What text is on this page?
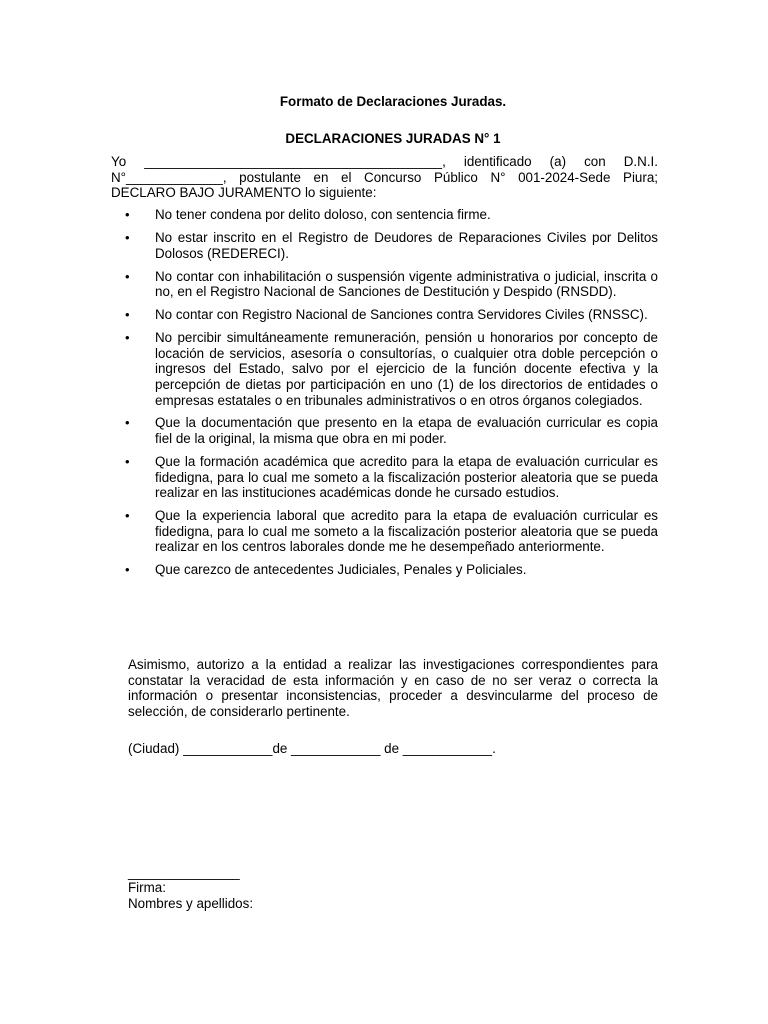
Formato de Declaraciones Juradas.
DECLARACIONES JURADAS N° 1
Yo ________________________________________, identificado (a) con D.N.I.
N°_____________, postulante en el Concurso Público N° 001-2024-Sede Piura;
DECLARO BAJO JURAMENTO lo siguiente:
• No tener condena por delito doloso, con sentencia firme.
• No estar inscrito en el Registro de Deudores de Reparaciones Civiles por Delitos Dolosos (REDERECI).
• No contar con inhabilitación o suspensión vigente administrativa o judicial, inscrita o no, en el Registro Nacional de Sanciones de Destitución y Despido (RNSDD).
• No contar con Registro Nacional de Sanciones contra Servidores Civiles (RNSSC).
• No percibir simultáneamente remuneración, pensión u honorarios por concepto de locación de servicios, asesoría o consultorías, o cualquier otra doble percepción o ingresos del Estado, salvo por el ejercicio de la función docente efectiva y la percepción de dietas por participación en uno (1) de los directorios de entidades o empresas estatales o en tribunales administrativos o en otros órganos colegiados.
• Que la documentación que presento en la etapa de evaluación curricular es copia fiel de la original, la misma que obra en mi poder.
• Que la formación académica que acredito para la etapa de evaluación curricular es fidedigna, para lo cual me someto a la fiscalización posterior aleatoria que se pueda realizar en las instituciones académicas donde he cursado estudios.
• Que la experiencia laboral que acredito para la etapa de evaluación curricular es fidedigna, para lo cual me someto a la fiscalización posterior aleatoria que se pueda realizar en los centros laborales donde me he desempeñado anteriormente.
• Que carezco de antecedentes Judiciales, Penales y Policiales.
Asimismo, autorizo a la entidad a realizar las investigaciones correspondientes para constatar la veracidad de esta información y en caso de no ser veraz o correcta la información o presentar inconsistencias, proceder a desvincularme del proceso de selección, de considerarlo pertinente.
(Ciudad) ____________de ____________ de ____________.
_______________
Firma:
Nombres y apellidos:
